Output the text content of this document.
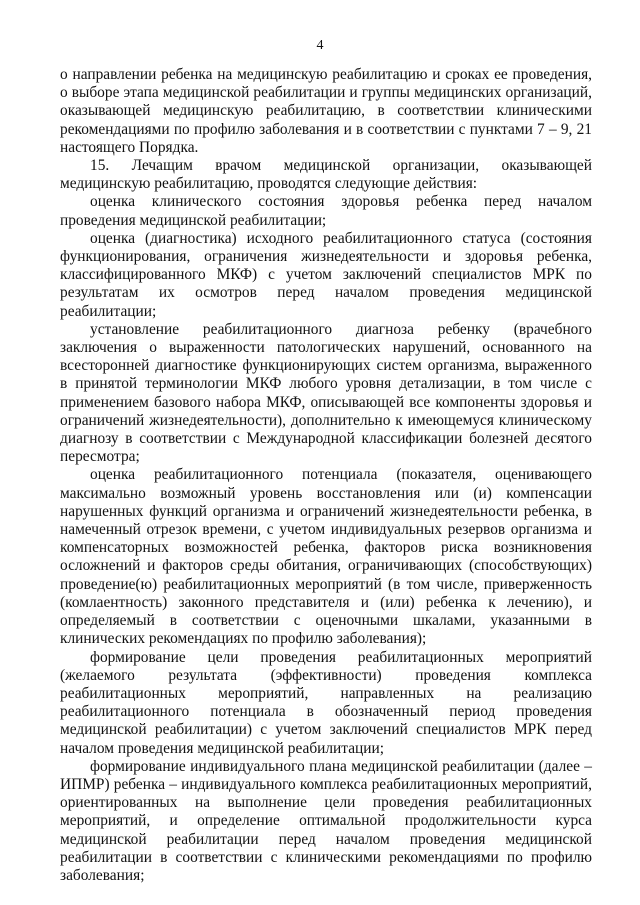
4

о направлении ребенка на медицинскую реабилитацию и сроках ее проведения, о выборе этапа медицинской реабилитации и группы медицинских организаций, оказывающей медицинскую реабилитацию, в соответствии клиническими рекомендациями по профилю заболевания и в соответствии с пунктами 7 – 9, 21 настоящего Порядка.

15. Лечащим врачом медицинской организации, оказывающей медицинскую реабилитацию, проводятся следующие действия:

оценка клинического состояния здоровья ребенка перед началом проведения медицинской реабилитации;

оценка (диагностика) исходного реабилитационного статуса (состояния функционирования, ограничения жизнедеятельности и здоровья ребенка, классифицированного МКФ) с учетом заключений специалистов МРК по результатам их осмотров перед началом проведения медицинской реабилитации;

установление реабилитационного диагноза ребенку (врачебного заключения о выраженности патологических нарушений, основанного на всесторонней диагностике функционирующих систем организма, выраженного в принятой терминологии МКФ любого уровня детализации, в том числе с применением базового набора МКФ, описывающей все компоненты здоровья и ограничений жизнедеятельности), дополнительно к имеющемуся клиническому диагнозу в соответствии с Международной классификации болезней десятого пересмотра;

оценка реабилитационного потенциала (показателя, оценивающего максимально возможный уровень восстановления или (и) компенсации нарушенных функций организма и ограничений жизнедеятельности ребенка, в намеченный отрезок времени, с учетом индивидуальных резервов организма и компенсаторных возможностей ребенка, факторов риска возникновения осложнений и факторов среды обитания, ограничивающих (способствующих) проведение(ю) реабилитационных мероприятий (в том числе, приверженность (комлаентность) законного представителя и (или) ребенка к лечению), и определяемый в соответствии с оценочными шкалами, указанными в клинических рекомендациях по профилю заболевания);

формирование цели проведения реабилитационных мероприятий (желаемого результата (эффективности) проведения комплекса реабилитационных мероприятий, направленных на реализацию реабилитационного потенциала в обозначенный период проведения медицинской реабилитации) с учетом заключений специалистов МРК перед началом проведения медицинской реабилитации;

формирование индивидуального плана медицинской реабилитации (далее – ИПМР) ребенка – индивидуального комплекса реабилитационных мероприятий, ориентированных на выполнение цели проведения реабилитационных мероприятий, и определение оптимальной продолжительности курса медицинской реабилитации перед началом проведения медицинской реабилитации в соответствии с клиническими рекомендациями по профилю заболевания;
